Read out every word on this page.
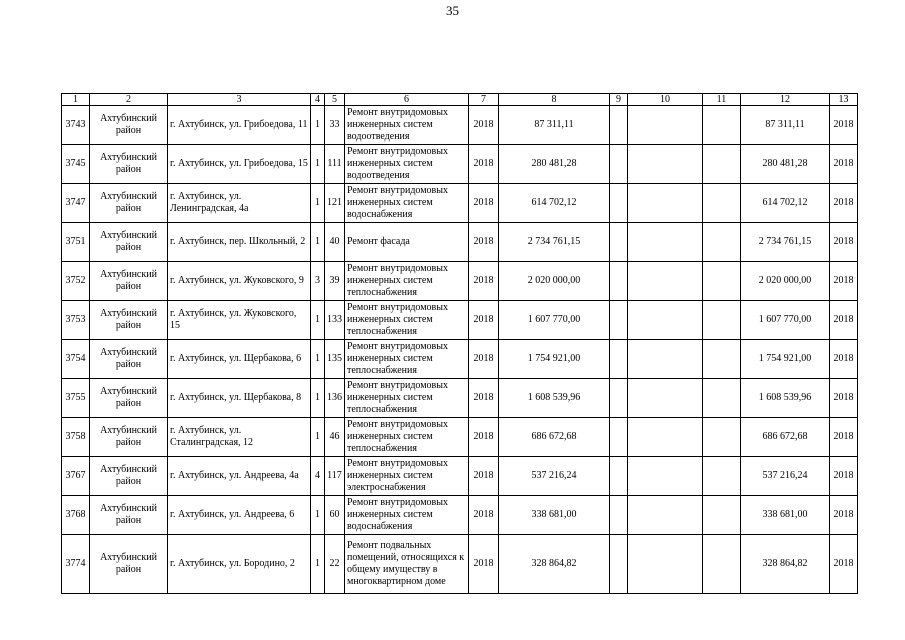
35
1	2	3	4	5	6	7	8	9	10	11	12	13
3743	Ахтубинский район	г. Ахтубинск, ул. Грибоедова, 11	1	33	Ремонт внутридомовых инженерных систем водоотведения	2018	87 311,11				87 311,11	2018
3745	Ахтубинский район	г. Ахтубинск, ул. Грибоедова, 15	1	111	Ремонт внутридомовых инженерных систем водоотведения	2018	280 481,28				280 481,28	2018
3747	Ахтубинский район	г. Ахтубинск, ул. Ленинградская, 4а	1	121	Ремонт внутридомовых инженерных систем водоснабжения	2018	614 702,12				614 702,12	2018
3751	Ахтубинский район	г. Ахтубинск, пер. Школьный, 2	1	40	Ремонт фасада	2018	2 734 761,15				2 734 761,15	2018
3752	Ахтубинский район	г. Ахтубинск, ул. Жуковского, 9	3	39	Ремонт внутридомовых инженерных систем теплоснабжения	2018	2 020 000,00				2 020 000,00	2018
3753	Ахтубинский район	г. Ахтубинск, ул. Жуковского, 15	1	133	Ремонт внутридомовых инженерных систем теплоснабжения	2018	1 607 770,00				1 607 770,00	2018
3754	Ахтубинский район	г. Ахтубинск, ул. Щербакова, 6	1	135	Ремонт внутридомовых инженерных систем теплоснабжения	2018	1 754 921,00				1 754 921,00	2018
3755	Ахтубинский район	г. Ахтубинск, ул. Щербакова, 8	1	136	Ремонт внутридомовых инженерных систем теплоснабжения	2018	1 608 539,96				1 608 539,96	2018
3758	Ахтубинский район	г. Ахтубинск, ул. Сталинградская, 12	1	46	Ремонт внутридомовых инженерных систем теплоснабжения	2018	686 672,68				686 672,68	2018
3767	Ахтубинский район	г. Ахтубинск, ул. Андреева, 4а	4	117	Ремонт внутридомовых инженерных систем электроснабжения	2018	537 216,24				537 216,24	2018
3768	Ахтубинский район	г. Ахтубинск, ул. Андреева, 6	1	60	Ремонт внутридомовых инженерных систем водоснабжения	2018	338 681,00				338 681,00	2018
3774	Ахтубинский район	г. Ахтубинск, ул. Бородино, 2	1	22	Ремонт подвальных помещений, относящихся к общему имуществу в многоквартирном доме	2018	328 864,82				328 864,82	2018
